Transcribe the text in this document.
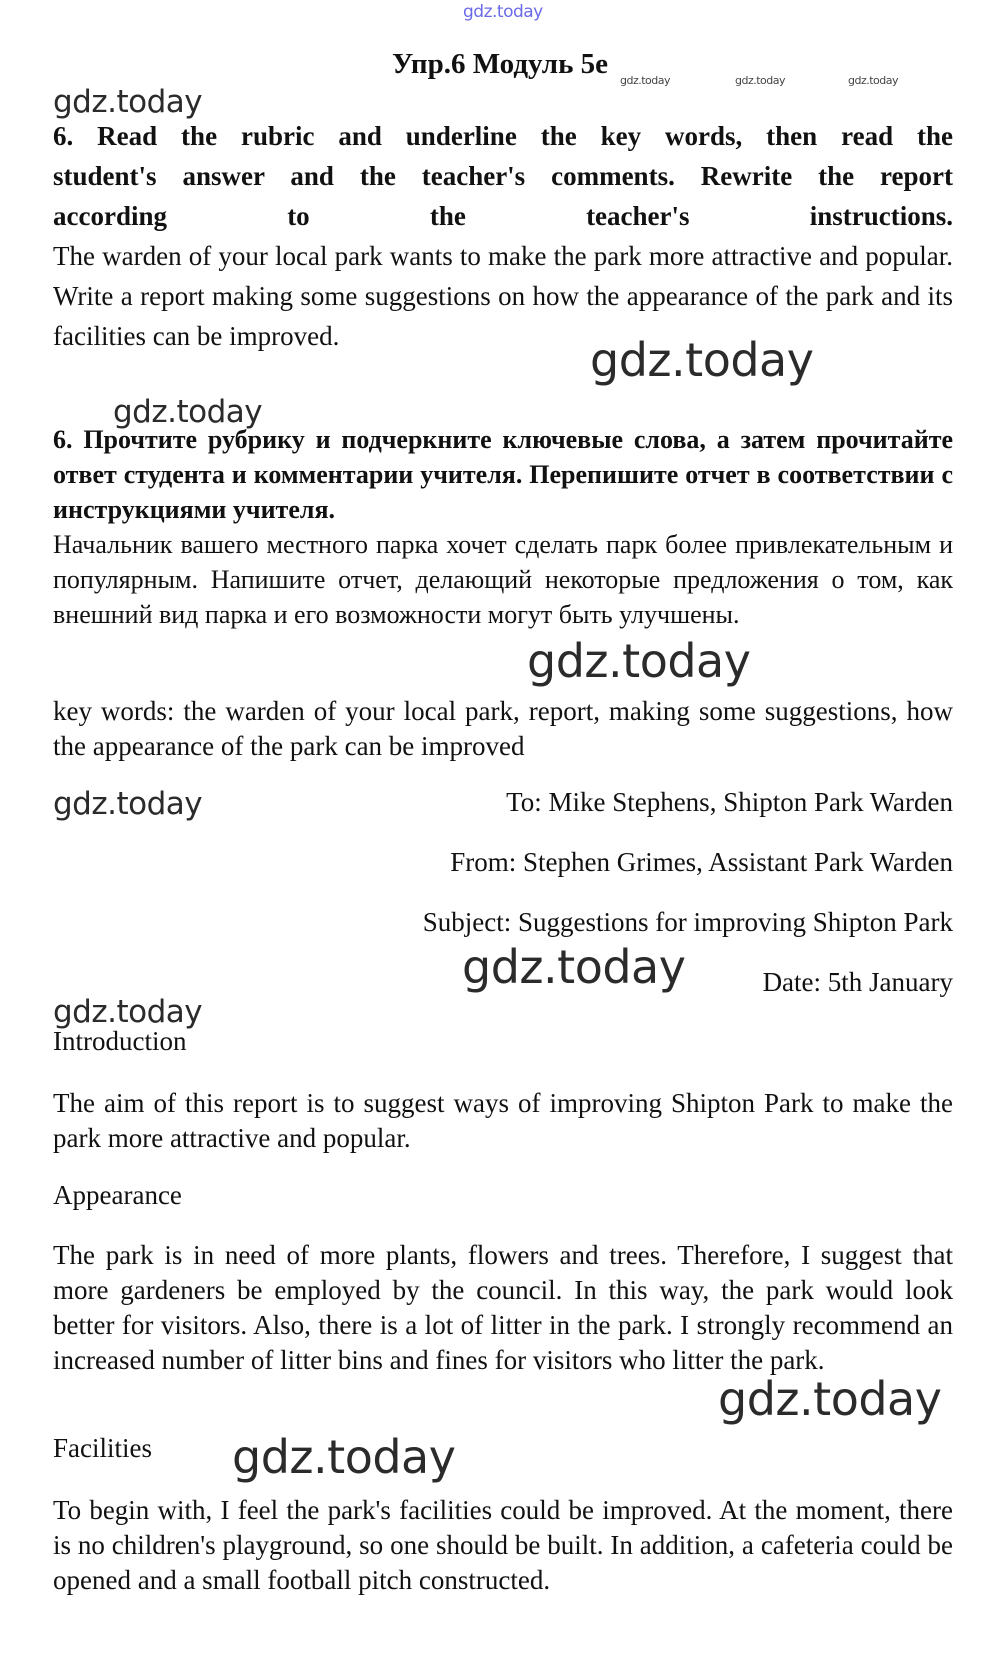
gdz.today
gdz.today	gdz.today	gdz.today
gdz.today
gdz.today
gdz.today
gdz.today
gdz.today
gdz.today
gdz.today
gdz.today
gdz.today
Упр.6 Модуль 5е
6. Read the rubric and underline the key words, then read the
student's answer and the teacher's comments. Rewrite the report
according	to	the	teacher's	instructions.
The warden of your local park wants to make the park more attractive and popular. Write a report making some suggestions on how the appearance of the park and its facilities can be improved.
6. Прочтите рубрику и подчеркните ключевые слова, а затем прочитайте ответ студента и комментарии учителя. Перепишите отчет в соответствии с инструкциями учителя.
Начальник вашего местного парка хочет сделать парк более привлекательным и популярным. Напишите отчет, делающий некоторые предложения о том, как внешний вид парка и его возможности могут быть улучшены.
key words: the warden of your local park, report, making some suggestions, how the appearance of the park can be improved
To: Mike Stephens, Shipton Park Warden
From: Stephen Grimes, Assistant Park Warden
Subject: Suggestions for improving Shipton Park
Date: 5th January
Introduction
The aim of this report is to suggest ways of improving Shipton Park to make the park more attractive and popular.
Appearance
The park is in need of more plants, flowers and trees. Therefore, I suggest that more gardeners be employed by the council. In this way, the park would look better for visitors. Also, there is a lot of litter in the park. I strongly recommend an increased number of litter bins and fines for visitors who litter the park.
Facilities
To begin with, I feel the park's facilities could be improved. At the moment, there is no children's playground, so one should be built. In addition, a cafeteria could be opened and a small football pitch constructed.
